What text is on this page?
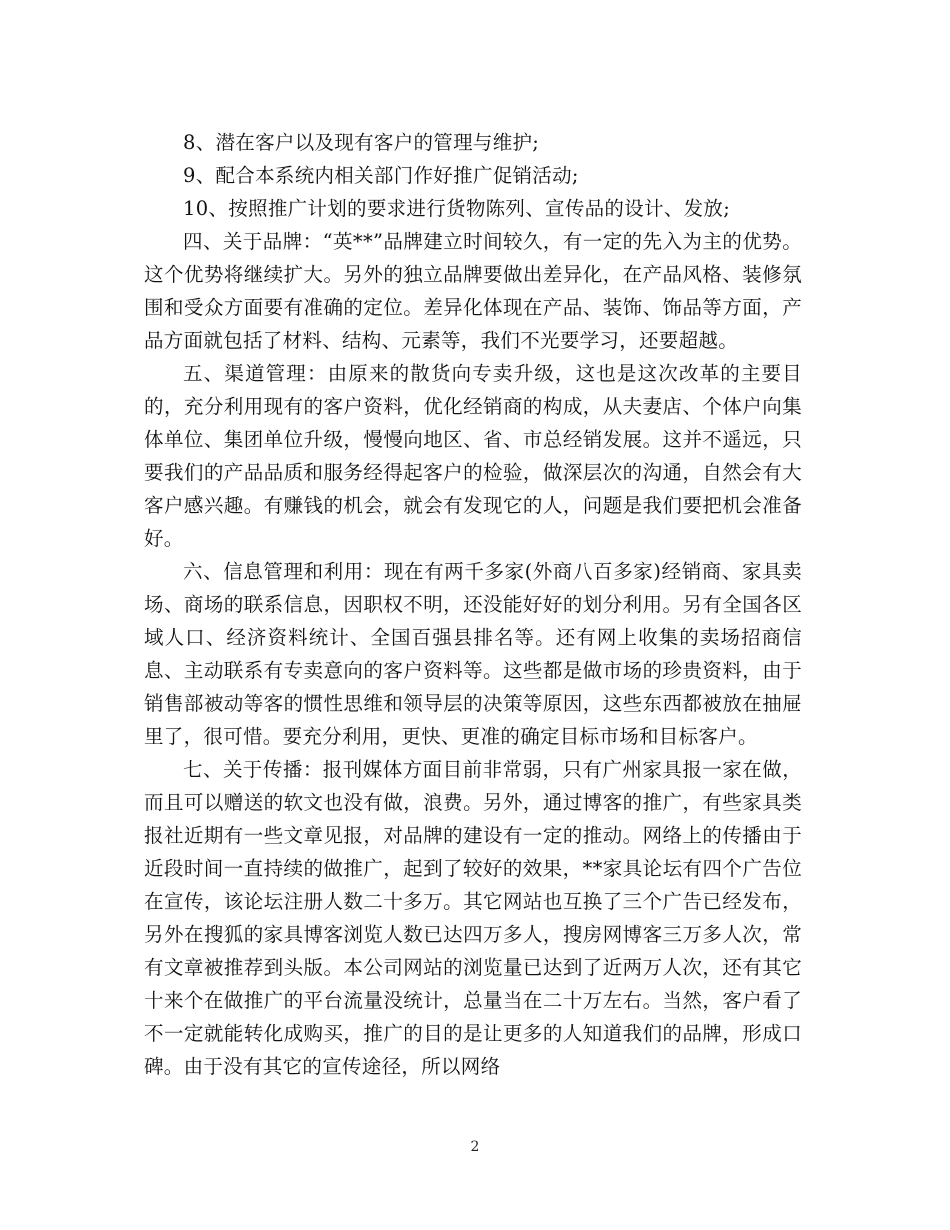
8、潜在客户以及现有客户的管理与维护;

9、配合本系统内相关部门作好推广促销活动;

10、按照推广计划的要求进行货物陈列、宣传品的设计、发放;

四、关于品牌：“英**”品牌建立时间较久，有一定的先入为主的优势。这个优势将继续扩大。另外的独立品牌要做出差异化，在产品风格、装修氛围和受众方面要有准确的定位。差异化体现在产品、装饰、饰品等方面，产品方面就包括了材料、结构、元素等，我们不光要学习，还要超越。

五、渠道管理：由原来的散货向专卖升级，这也是这次改革的主要目的，充分利用现有的客户资料，优化经销商的构成，从夫妻店、个体户向集体单位、集团单位升级，慢慢向地区、省、市总经销发展。这并不遥远，只要我们的产品品质和服务经得起客户的检验，做深层次的沟通，自然会有大客户感兴趣。有赚钱的机会，就会有发现它的人，问题是我们要把机会准备好。

六、信息管理和利用：现在有两千多家(外商八百多家)经销商、家具卖场、商场的联系信息，因职权不明，还没能好好的划分利用。另有全国各区域人口、经济资料统计、全国百强县排名等。还有网上收集的卖场招商信息、主动联系有专卖意向的客户资料等。这些都是做市场的珍贵资料，由于销售部被动等客的惯性思维和领导层的决策等原因，这些东西都被放在抽屉里了，很可惜。要充分利用，更快、更准的确定目标市场和目标客户。

七、关于传播：报刊媒体方面目前非常弱，只有广州家具报一家在做，而且可以赠送的软文也没有做，浪费。另外，通过博客的推广，有些家具类报社近期有一些文章见报，对品牌的建设有一定的推动。网络上的传播由于近段时间一直持续的做推广，起到了较好的效果，**家具论坛有四个广告位在宣传，该论坛注册人数二十多万。其它网站也互换了三个广告已经发布，另外在搜狐的家具博客浏览人数已达四万多人，搜房网博客三万多人次，常有文章被推荐到头版。本公司网站的浏览量已达到了近两万人次，还有其它十来个在做推广的平台流量没统计，总量当在二十万左右。当然，客户看了不一定就能转化成购买，推广的目的是让更多的人知道我们的品牌，形成口碑。由于没有其它的宣传途径，所以网络

2
